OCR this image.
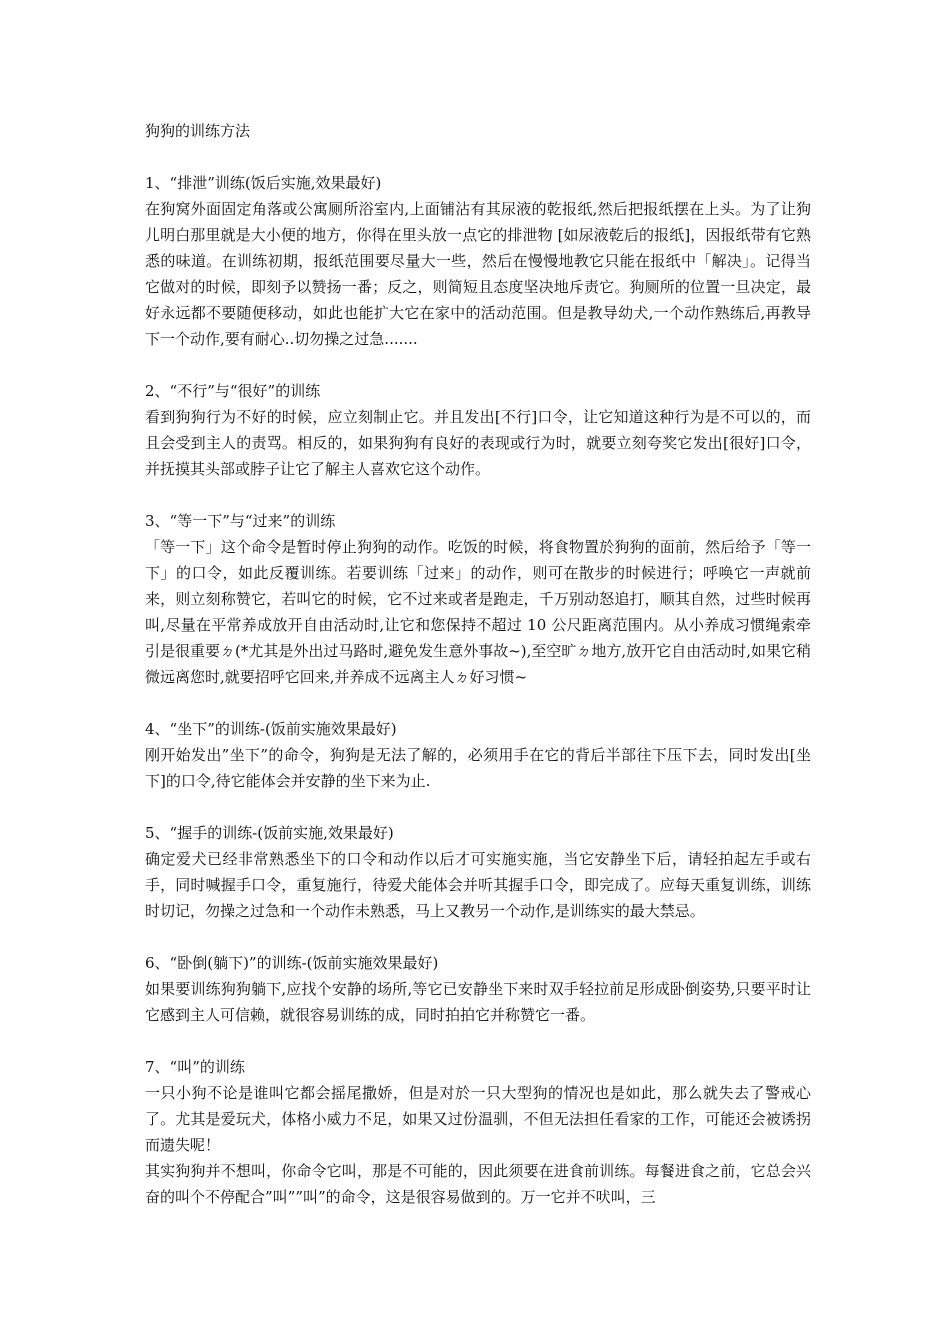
狗狗的训练方法

1、“排泄”训练(饭后实施,效果最好)

在狗窝外面固定角落或公寓厕所浴室内,上面铺沾有其尿液的乾报纸,然后把报纸摆在上头。为了让狗儿明白那里就是大小便的地方，你得在里头放一点它的排泄物 [如尿液乾后的报纸]，因报纸带有它熟悉的味道。在训练初期，报纸范围要尽量大一些，然后在慢慢地教它只能在报纸中「解决」。记得当它做对的时候，即刻予以赞扬一番；反之，则简短且态度坚决地斥责它。狗厕所的位置一旦决定，最好永远都不要随便移动，如此也能扩大它在家中的活动范围。但是教导幼犬,一个动作熟练后,再教导下一个动作,要有耐心..切勿操之过急.......

2、“不行”与“很好”的训练

看到狗狗行为不好的时候，应立刻制止它。并且发出[不行]口令，让它知道这种行为是不可以的，而且会受到主人的责骂。相反的，如果狗狗有良好的表现或行为时，就要立刻夸奖它发出[很好]口令，并抚摸其头部或脖子让它了解主人喜欢它这个动作。

3、“等一下”与“过来”的训练

「等一下」这个命令是暂时停止狗狗的动作。吃饭的时候，将食物置於狗狗的面前，然后给予「等一下」的口令，如此反覆训练。若要训练「过来」的动作，则可在散步的时候进行；呼唤它一声就前来，则立刻称赞它，若叫它的时候，它不过来或者是跑走，千万别动怒追打，顺其自然，过些时候再叫,尽量在平常养成放开自由活动时,让它和您保持不超过 10 公尺距离范围内。从小养成习惯绳索牵引是很重要ㄉ(*尤其是外出过马路时,避免发生意外事故~),至空旷ㄉ地方,放开它自由活动时,如果它稍微远离您时,就要招呼它回来,并养成不远离主人ㄉ好习惯~

4、“坐下”的训练-(饭前实施效果最好)

刚开始发出”坐下”的命令，狗狗是无法了解的，必须用手在它的背后半部往下压下去，同时发出[坐下]的口令,待它能体会并安静的坐下来为止.

5、“握手的训练-(饭前实施,效果最好)

确定爱犬已经非常熟悉坐下的口令和动作以后才可实施实施，当它安静坐下后，请轻拍起左手或右手，同时喊握手口令，重复施行，待爱犬能体会并听其握手口令，即完成了。应每天重复训练，训练时切记，勿操之过急和一个动作未熟悉，马上又教另一个动作,是训练实的最大禁忌。

6、“卧倒(躺下)”的训练-(饭前实施效果最好)

如果要训练狗狗躺下,应找个安静的场所,等它已安静坐下来时双手轻拉前足形成卧倒姿势,只要平时让它感到主人可信赖，就很容易训练的成，同时拍拍它并称赞它一番。

7、“叫”的训练

一只小狗不论是谁叫它都会摇尾撒娇，但是对於一只大型狗的情况也是如此，那么就失去了警戒心了。尤其是爱玩犬，体格小威力不足，如果又过份温驯，不但无法担任看家的工作，可能还会被诱拐而遗失呢！

其实狗狗并不想叫，你命令它叫，那是不可能的，因此须要在进食前训练。每餐进食之前，它总会兴奋的叫个不停配合”叫””叫”的命令，这是很容易做到的。万一它并不吠叫，三
